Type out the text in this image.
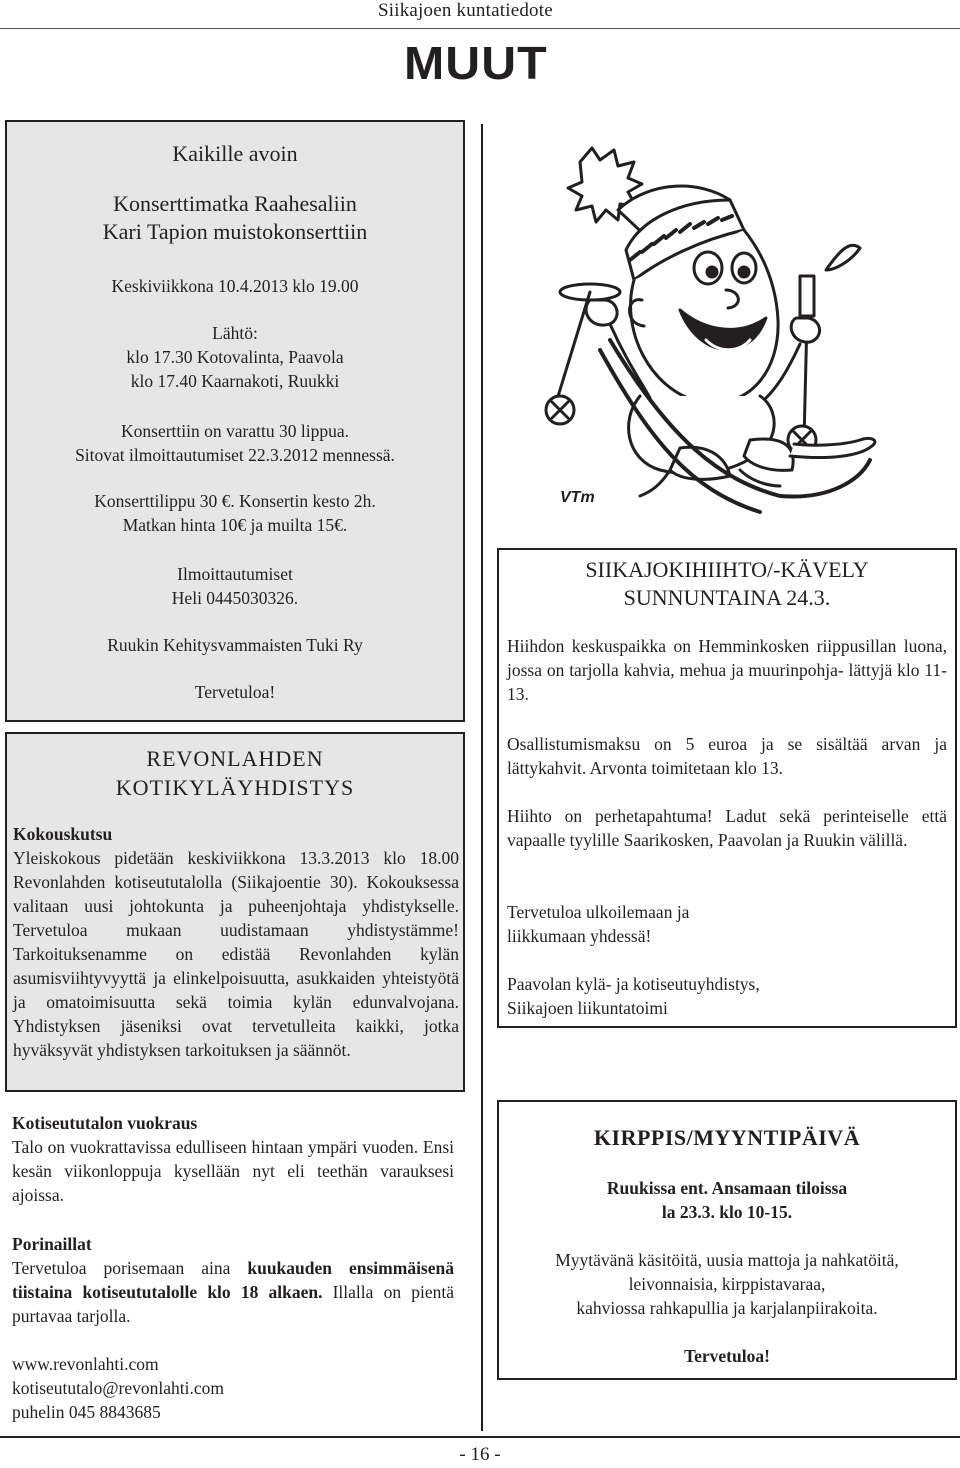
Siikajoen kuntatiedote
MUUT
Kaikille avoin
Konserttimatka Raahesaliin
Kari Tapion muistokonserttiin
Keskiviikkona 10.4.2013 klo 19.00
Lähtö:
klo 17.30 Kotovalinta, Paavola
klo 17.40 Kaarnakoti, Ruukki
Konserttiin on varattu 30 lippua.
Sitovat ilmoittautumiset 22.3.2012 mennessä.
Konserttilippu 30 €. Konsertin kesto 2h.
Matkan hinta 10€ ja muilta 15€.
Ilmoittautumiset
Heli 0445030326.
Ruukin Kehitysvammaisten Tuki Ry
Tervetuloa!
REVONLAHDEN
KOTIKYLÄYHDISTYS

Kokouskutsu

Yleiskokous pidetään keskiviikkona 13.3.2013 klo 18.00 Revonlahden kotiseututalolla (Siikajoentie 30). Kokouksessa valitaan uusi johtokunta ja puheenjohtaja yhdistykselle. Tervetuloa mukaan uudistamaan yhdistystämme! Tarkoituksenamme on edistää Revonlahden kylän asumisviihtyvyyttä ja elinkelpoisuutta, asukkaiden yhteistyötä ja omatoimisuutta sekä toimia kylän edunvalvojana. Yhdistyksen jäseniksi ovat tervetulleita kaikki, jotka hyväksyvät yhdistyksen tarkoituksen ja säännöt.

Kotiseututalon vuokraus

Talo on vuokrattavissa edulliseen hintaan ympäri vuoden. Ensi kesän viikonloppuja kysellään nyt eli teethän varauksesi ajoissa.

Porinaillat

Tervetuloa porisemaan aina kuukauden ensimmäisenä tiistaina kotiseututalolle klo 18 alkaen. Illalla on pientä purtavaa tarjolla.

www.revonlahti.com
kotiseututalo@revonlahti.com
puhelin 045 8843685
VTm
SIIKAJOKIHIIHTO/-KÄVELY
SUNNUNTAINA 24.3.

Hiihdon keskuspaikka on Hemminkosken riippusillan luona, jossa on tarjolla kahvia, mehua ja muurinpohja- lättyjä klo 11-13.

Osallistumismaksu on 5 euroa ja se sisältää arvan ja lättykahvit. Arvonta toimitetaan klo 13.

Hiihto on perhetapahtuma! Ladut sekä perinteiselle että vapaalle tyylille Saarikosken, Paavolan ja Ruukin välillä.

Tervetuloa ulkoilemaan ja
liikkumaan yhdessä!
Paavolan kylä- ja kotiseutuyhdistys,
Siikajoen liikuntatoimi
KIRPPIS/MYYNTIPÄIVÄ
Ruukissa ent. Ansamaan tiloissa
la 23.3. klo 10-15.
Myytävänä käsitöitä, uusia mattoja ja nahkatöitä,
leivonnaisia, kirppistavaraa,
kahviossa rahkapullia ja karjalanpiirakoita.
Tervetuloa!
- 16 -
